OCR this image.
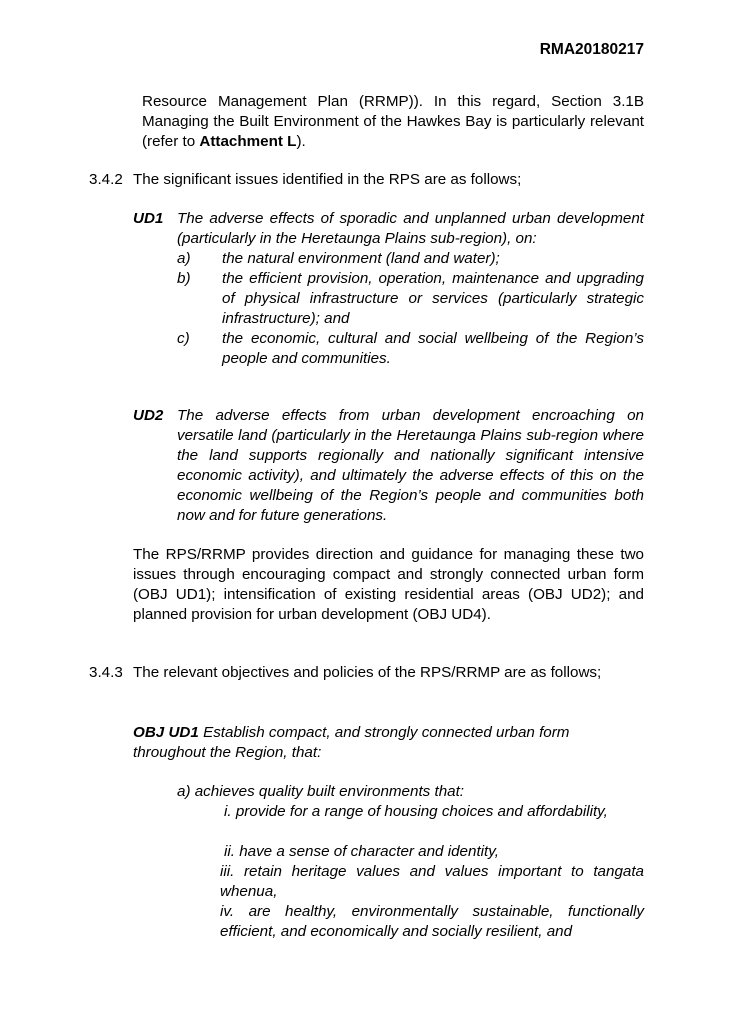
RMA20180217
Resource Management Plan (RRMP)). In this regard, Section 3.1B Managing the Built Environment of the Hawkes Bay is particularly relevant (refer to Attachment L).
3.4.2 The significant issues identified in the RPS are as follows;
UD1 The adverse effects of sporadic and unplanned urban development (particularly in the Heretaunga Plains sub-region), on:
a)	the natural environment (land and water);
b)	the efficient provision, operation, maintenance and upgrading of physical infrastructure or services (particularly strategic infrastructure); and
c)	the economic, cultural and social wellbeing of the Region’s people and communities.
UD2 The adverse effects from urban development encroaching on versatile land (particularly in the Heretaunga Plains sub-region where the land supports regionally and nationally significant intensive economic activity), and ultimately the adverse effects of this on the economic wellbeing of the Region’s people and communities both now and for future generations.
The RPS/RRMP provides direction and guidance for managing these two issues through encouraging compact and strongly connected urban form (OBJ UD1); intensification of existing residential areas (OBJ UD2); and planned provision for urban development (OBJ UD4).
3.4.3 The relevant objectives and policies of the RPS/RRMP are as follows;
OBJ UD1 Establish compact, and strongly connected urban form throughout the Region, that:
a) achieves quality built environments that:
i. provide for a range of housing choices and affordability,
ii. have a sense of character and identity,
iii. retain heritage values and values important to tangata whenua,
iv. are healthy, environmentally sustainable, functionally efficient, and economically and socially resilient, and
